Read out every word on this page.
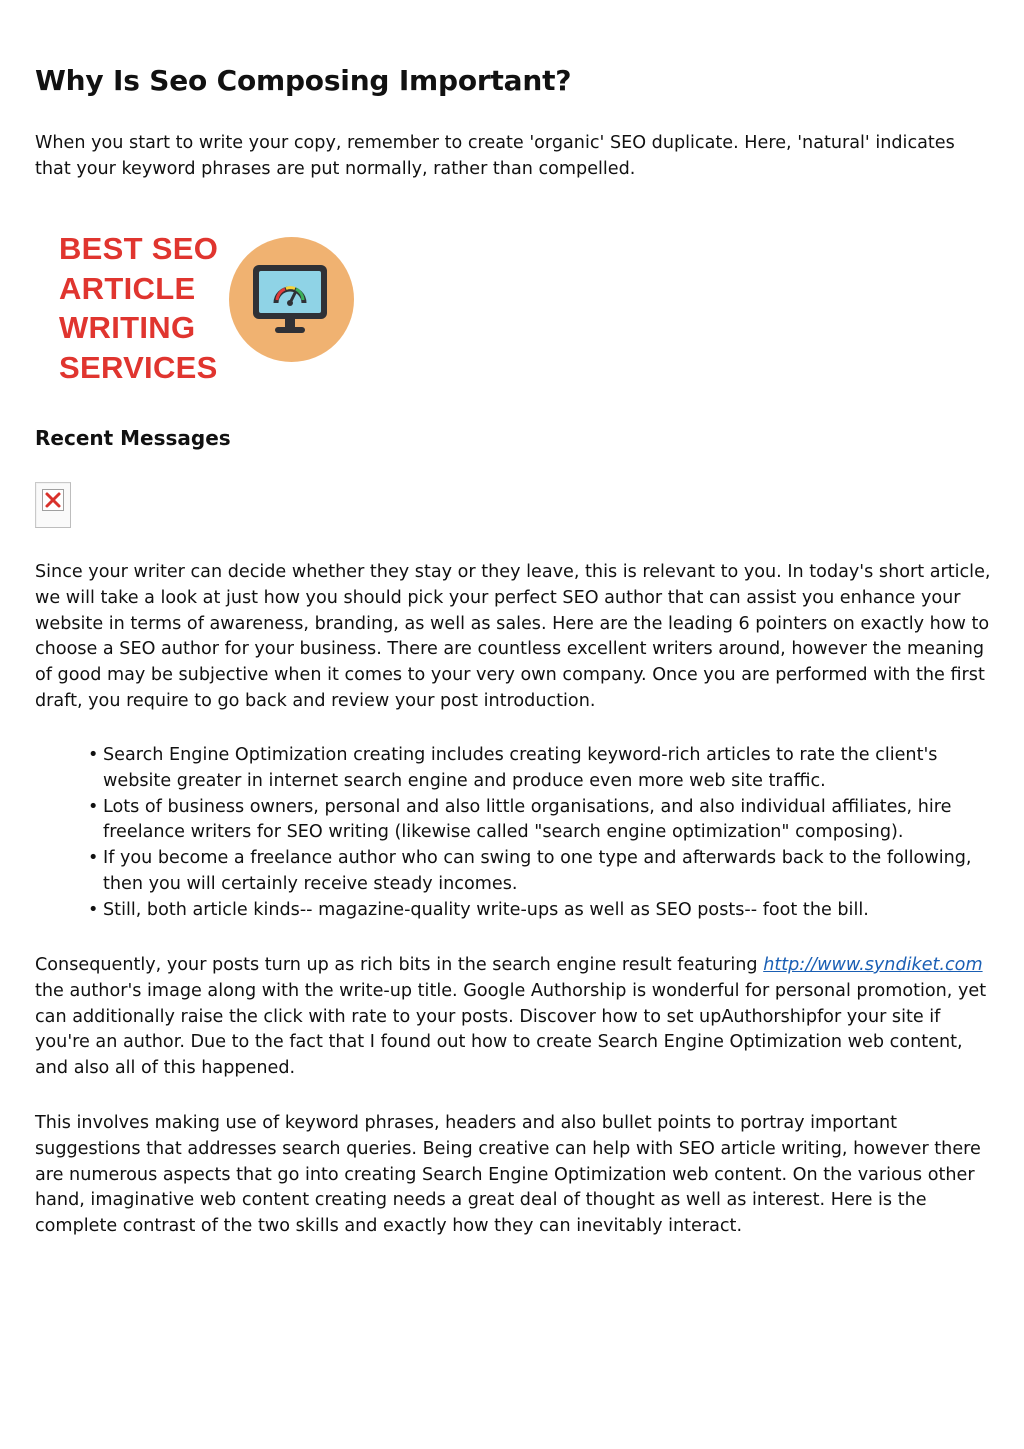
Why Is Seo Composing Important?

When you start to write your copy, remember to create 'organic' SEO duplicate. Here, 'natural' indicates that your keyword phrases are put normally, rather than compelled.

BEST SEO
ARTICLE
WRITING
SERVICES
Recent Messages

Since your writer can decide whether they stay or they leave, this is relevant to you. In today's short article, we will take a look at just how you should pick your perfect SEO author that can assist you enhance your website in terms of awareness, branding, as well as sales. Here are the leading 6 pointers on exactly how to choose a SEO author for your business. There are countless excellent writers around, however the meaning of good may be subjective when it comes to your very own company. Once you are performed with the first draft, you require to go back and review your post introduction.

• Search Engine Optimization creating includes creating keyword-rich articles to rate the client's website greater in internet search engine and produce even more web site traffic.
• Lots of business owners, personal and also little organisations, and also individual affiliates, hire freelance writers for SEO writing (likewise called "search engine optimization" composing).
• If you become a freelance author who can swing to one type and afterwards back to the following, then you will certainly receive steady incomes.
• Still, both article kinds-- magazine-quality write-ups as well as SEO posts-- foot the bill.

Consequently, your posts turn up as rich bits in the search engine result featuring http://www.syndiket.com the author's image along with the write-up title. Google Authorship is wonderful for personal promotion, yet can additionally raise the click with rate to your posts. Discover how to set upAuthorshipfor your site if you're an author. Due to the fact that I found out how to create Search Engine Optimization web content, and also all of this happened.

This involves making use of keyword phrases, headers and also bullet points to portray important suggestions that addresses search queries. Being creative can help with SEO article writing, however there are numerous aspects that go into creating Search Engine Optimization web content. On the various other hand, imaginative web content creating needs a great deal of thought as well as interest. Here is the complete contrast of the two skills and exactly how they can inevitably interact.
